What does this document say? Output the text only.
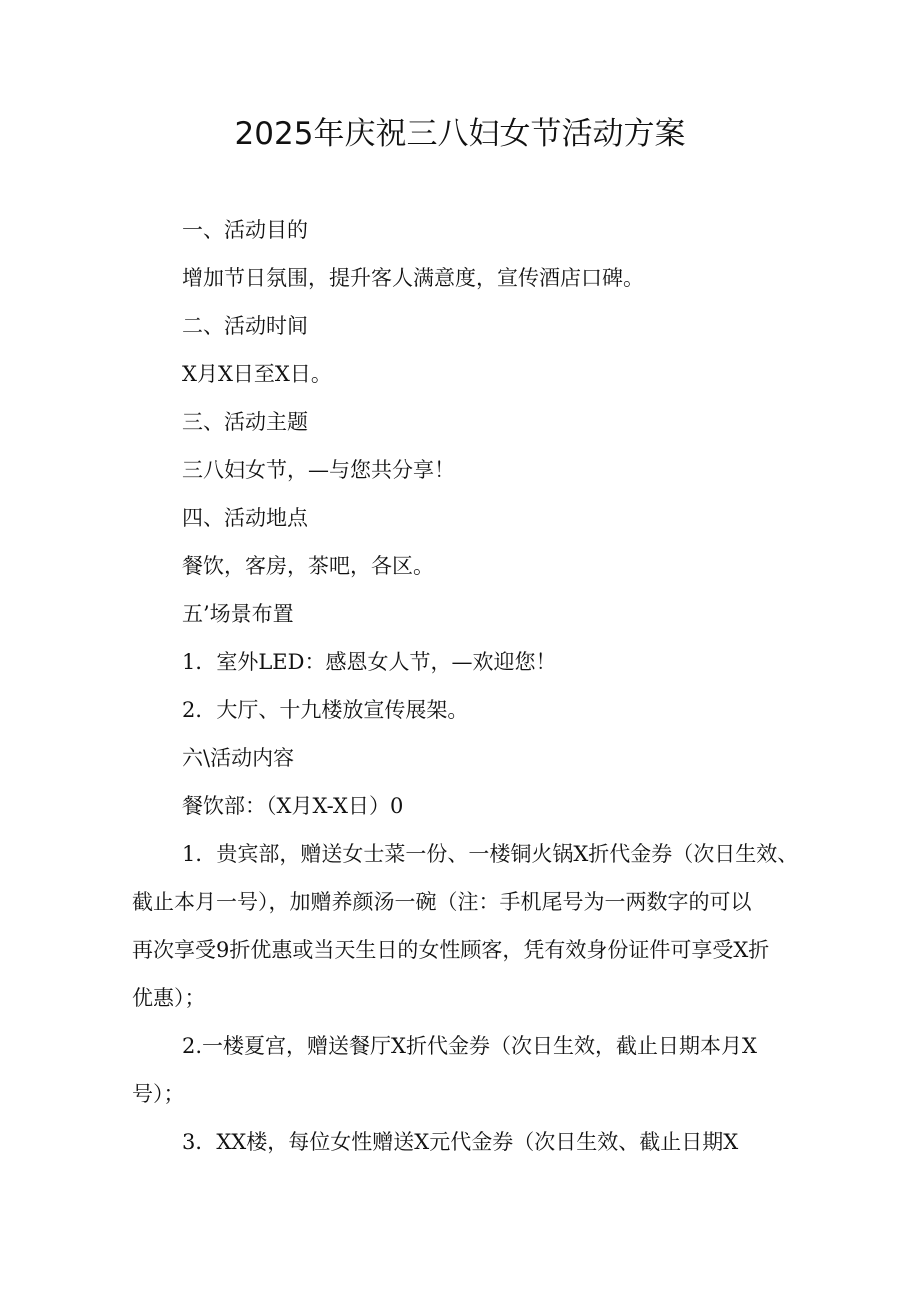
2025年庆祝三八妇女节活动方案

一、活动目的

增加节日氛围，提升客人满意度，宣传酒店口碑。

二、活动时间

X月X日至X日。

三、活动主题

三八妇女节，—与您共分享！

四、活动地点

餐饮，客房，茶吧，各区。

五’场景布置

1．室外LED：感恩女人节，—欢迎您！

2．大厅、十九楼放宣传展架。

六\活动内容

餐饮部：（X月X-X日）0

1．贵宾部，赠送女士菜一份、一楼铜火锅X折代金券（次日生效、

截止本月一号），加赠养颜汤一碗（注：手机尾号为一两数字的可以

再次享受9折优惠或当天生日的女性顾客，凭有效身份证件可享受X折

优惠）；

2.一楼夏宫，赠送餐厅X折代金券（次日生效，截止日期本月X

号）；

3．XX楼，每位女性赠送X元代金券（次日生效、截止日期X
